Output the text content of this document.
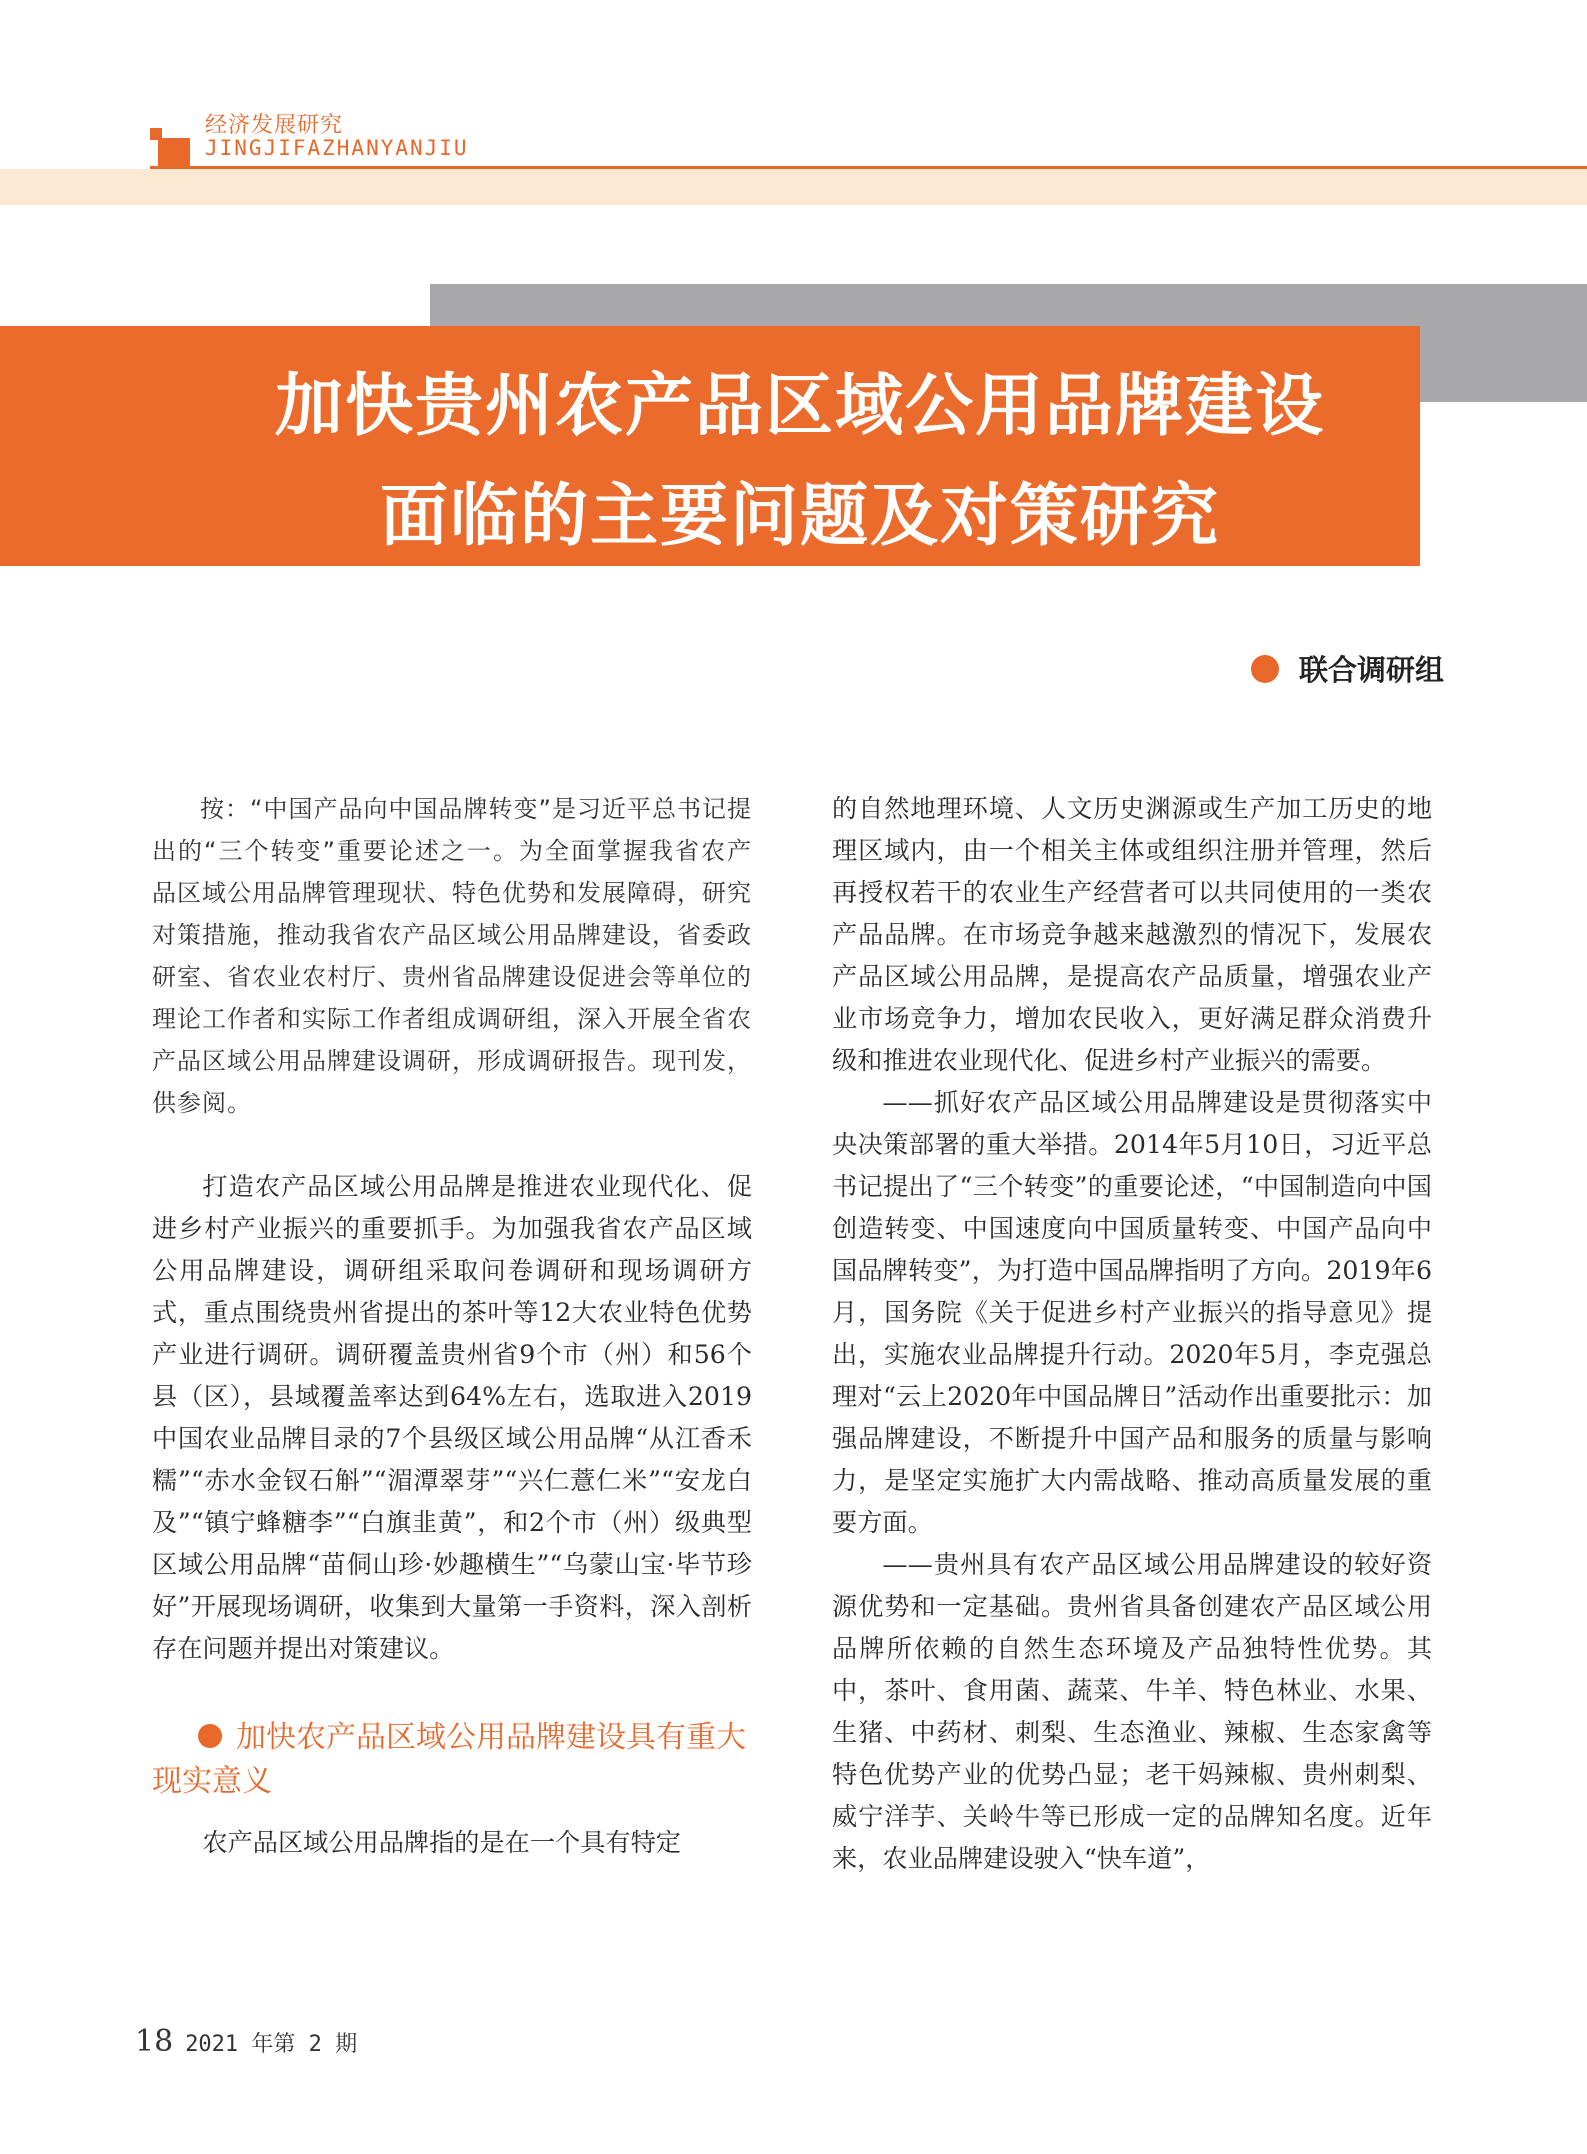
经济发展研究
JINGJIFAZHANYANJIU
加快贵州农产品区域公用品牌建设
面临的主要问题及对策研究
联合调研组

按：“中国产品向中国品牌转变”是习近平总书记提出的“三个转变”重要论述之一。为全面掌握我省农产品区域公用品牌管理现状、特色优势和发展障碍，研究对策措施，推动我省农产品区域公用品牌建设，省委政研室、省农业农村厅、贵州省品牌建设促进会等单位的理论工作者和实际工作者组成调研组，深入开展全省农产品区域公用品牌建设调研，形成调研报告。现刊发，供参阅。

打造农产品区域公用品牌是推进农业现代化、促进乡村产业振兴的重要抓手。为加强我省农产品区域公用品牌建设，调研组采取问卷调研和现场调研方式，重点围绕贵州省提出的茶叶等12大农业特色优势产业进行调研。调研覆盖贵州省9个市（州）和56个县（区），县域覆盖率达到64%左右，选取进入2019中国农业品牌目录的7个县级区域公用品牌“从江香禾糯”“赤水金钗石斛”“湄潭翠芽”“兴仁薏仁米”“安龙白及”“镇宁蜂糖李”“白旗韭黄”，和2个市（州）级典型区域公用品牌“苗侗山珍·妙趣横生”“乌蒙山宝·毕节珍好”开展现场调研，收集到大量第一手资料，深入剖析存在问题并提出对策建议。

加快农产品区域公用品牌建设具有重大现实意义

农产品区域公用品牌指的是在一个具有特定

的自然地理环境、人文历史渊源或生产加工历史的地理区域内，由一个相关主体或组织注册并管理，然后再授权若干的农业生产经营者可以共同使用的一类农产品品牌。在市场竞争越来越激烈的情况下，发展农产品区域公用品牌，是提高农产品质量，增强农业产业市场竞争力，增加农民收入，更好满足群众消费升级和推进农业现代化、促进乡村产业振兴的需要。

——抓好农产品区域公用品牌建设是贯彻落实中央决策部署的重大举措。2014年5月10日，习近平总书记提出了“三个转变”的重要论述，“中国制造向中国创造转变、中国速度向中国质量转变、中国产品向中国品牌转变”，为打造中国品牌指明了方向。2019年6月，国务院《关于促进乡村产业振兴的指导意见》提出，实施农业品牌提升行动。2020年5月，李克强总理对“云上2020年中国品牌日”活动作出重要批示：加强品牌建设，不断提升中国产品和服务的质量与影响力，是坚定实施扩大内需战略、推动高质量发展的重要方面。

——贵州具有农产品区域公用品牌建设的较好资源优势和一定基础。贵州省具备创建农产品区域公用品牌所依赖的自然生态环境及产品独特性优势。其中，茶叶、食用菌、蔬菜、牛羊、特色林业、水果、生猪、中药材、刺梨、生态渔业、辣椒、生态家禽等特色优势产业的优势凸显；老干妈辣椒、贵州刺梨、威宁洋芋、关岭牛等已形成一定的品牌知名度。近年来，农业品牌建设驶入“快车道”，

18 2021 年第 2 期
